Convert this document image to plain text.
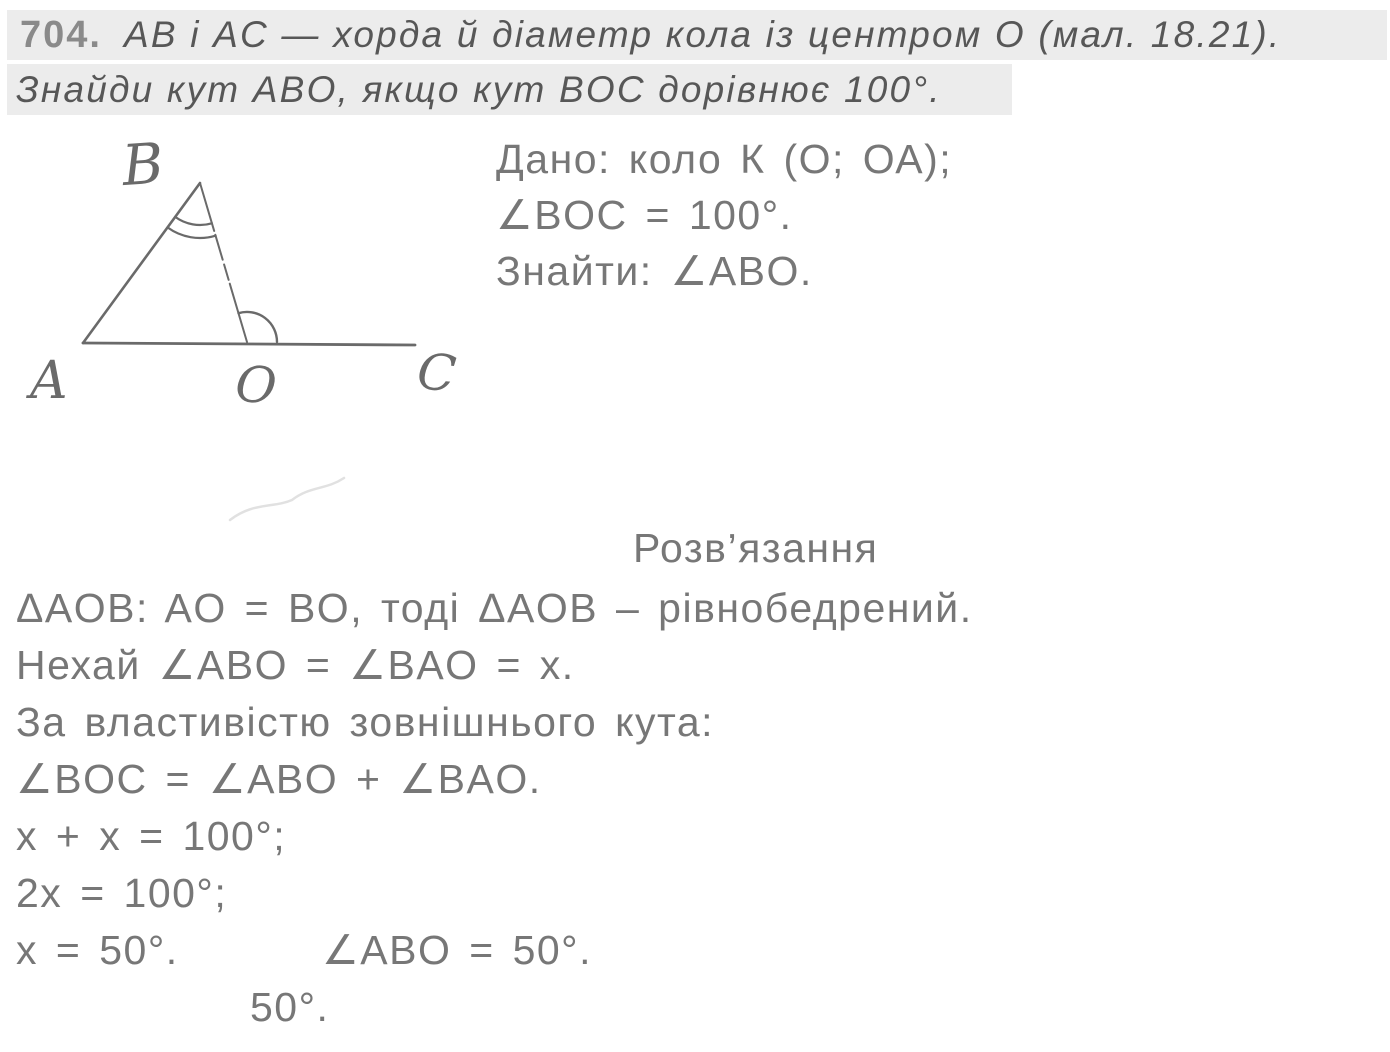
704. AB і AC — хорда й діаметр кола із центром O (мал. 18.21).
Знайди кут ABO, якщо кут BOC дорівнює 100°.
B
A	O	C
Дано: коло К (О; ОА);
∠BOC = 100°.
Знайти: ∠ABO.
Розв’язання
ΔAOB: AO = BO, тоді ΔAOB – рівнобедрений.
Нехай ∠ABO = ∠BAO = x.
За властивістю зовнішнього кута:
∠BOC = ∠ABO + ∠BAO.
x + x = 100°;
2x = 100°;
x = 50°.	∠ABO = 50°.
50°.
